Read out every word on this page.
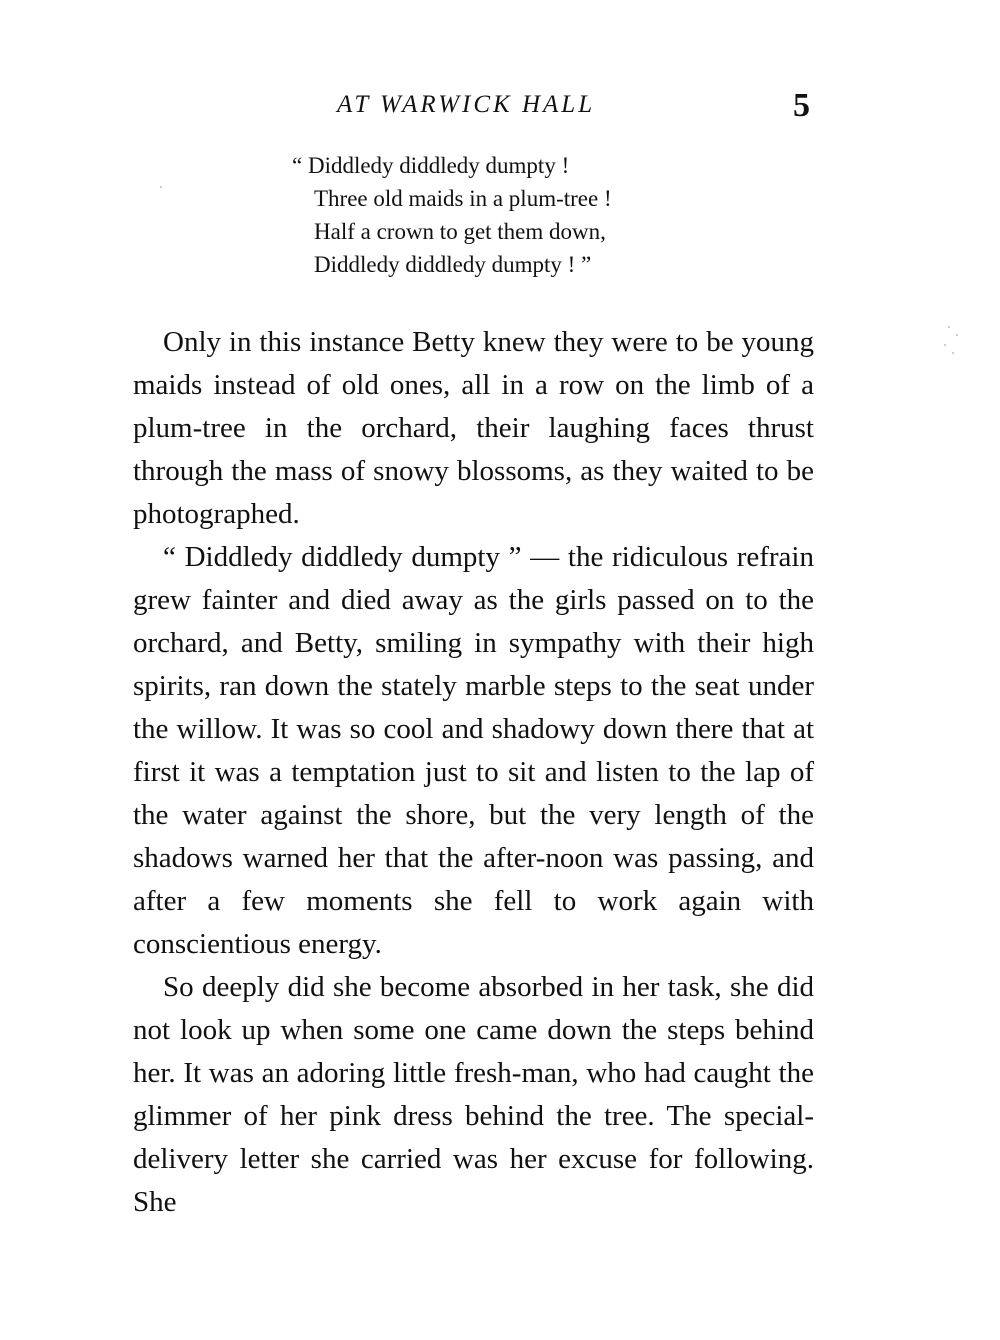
AT WARWICK HALL	5
“ Diddledy diddledy dumpty !
Three old maids in a plum-tree !
Half a crown to get them down,
Diddledy diddledy dumpty ! ”

Only in this instance Betty knew they were to be young maids instead of old ones, all in a row on the limb of a plum-tree in the orchard, their laughing faces thrust through the mass of snowy blossoms, as they waited to be photographed.

“ Diddledy diddledy dumpty ” — the ridiculous refrain grew fainter and died away as the girls passed on to the orchard, and Betty, smiling in sympathy with their high spirits, ran down the stately marble steps to the seat under the willow. It was so cool and shadowy down there that at first it was a temptation just to sit and listen to the lap of the water against the shore, but the very length of the shadows warned her that the after-noon was passing, and after a few moments she fell to work again with conscientious energy.

So deeply did she become absorbed in her task, she did not look up when some one came down the steps behind her. It was an adoring little fresh-man, who had caught the glimmer of her pink dress behind the tree. The special-delivery letter she carried was her excuse for following. She
